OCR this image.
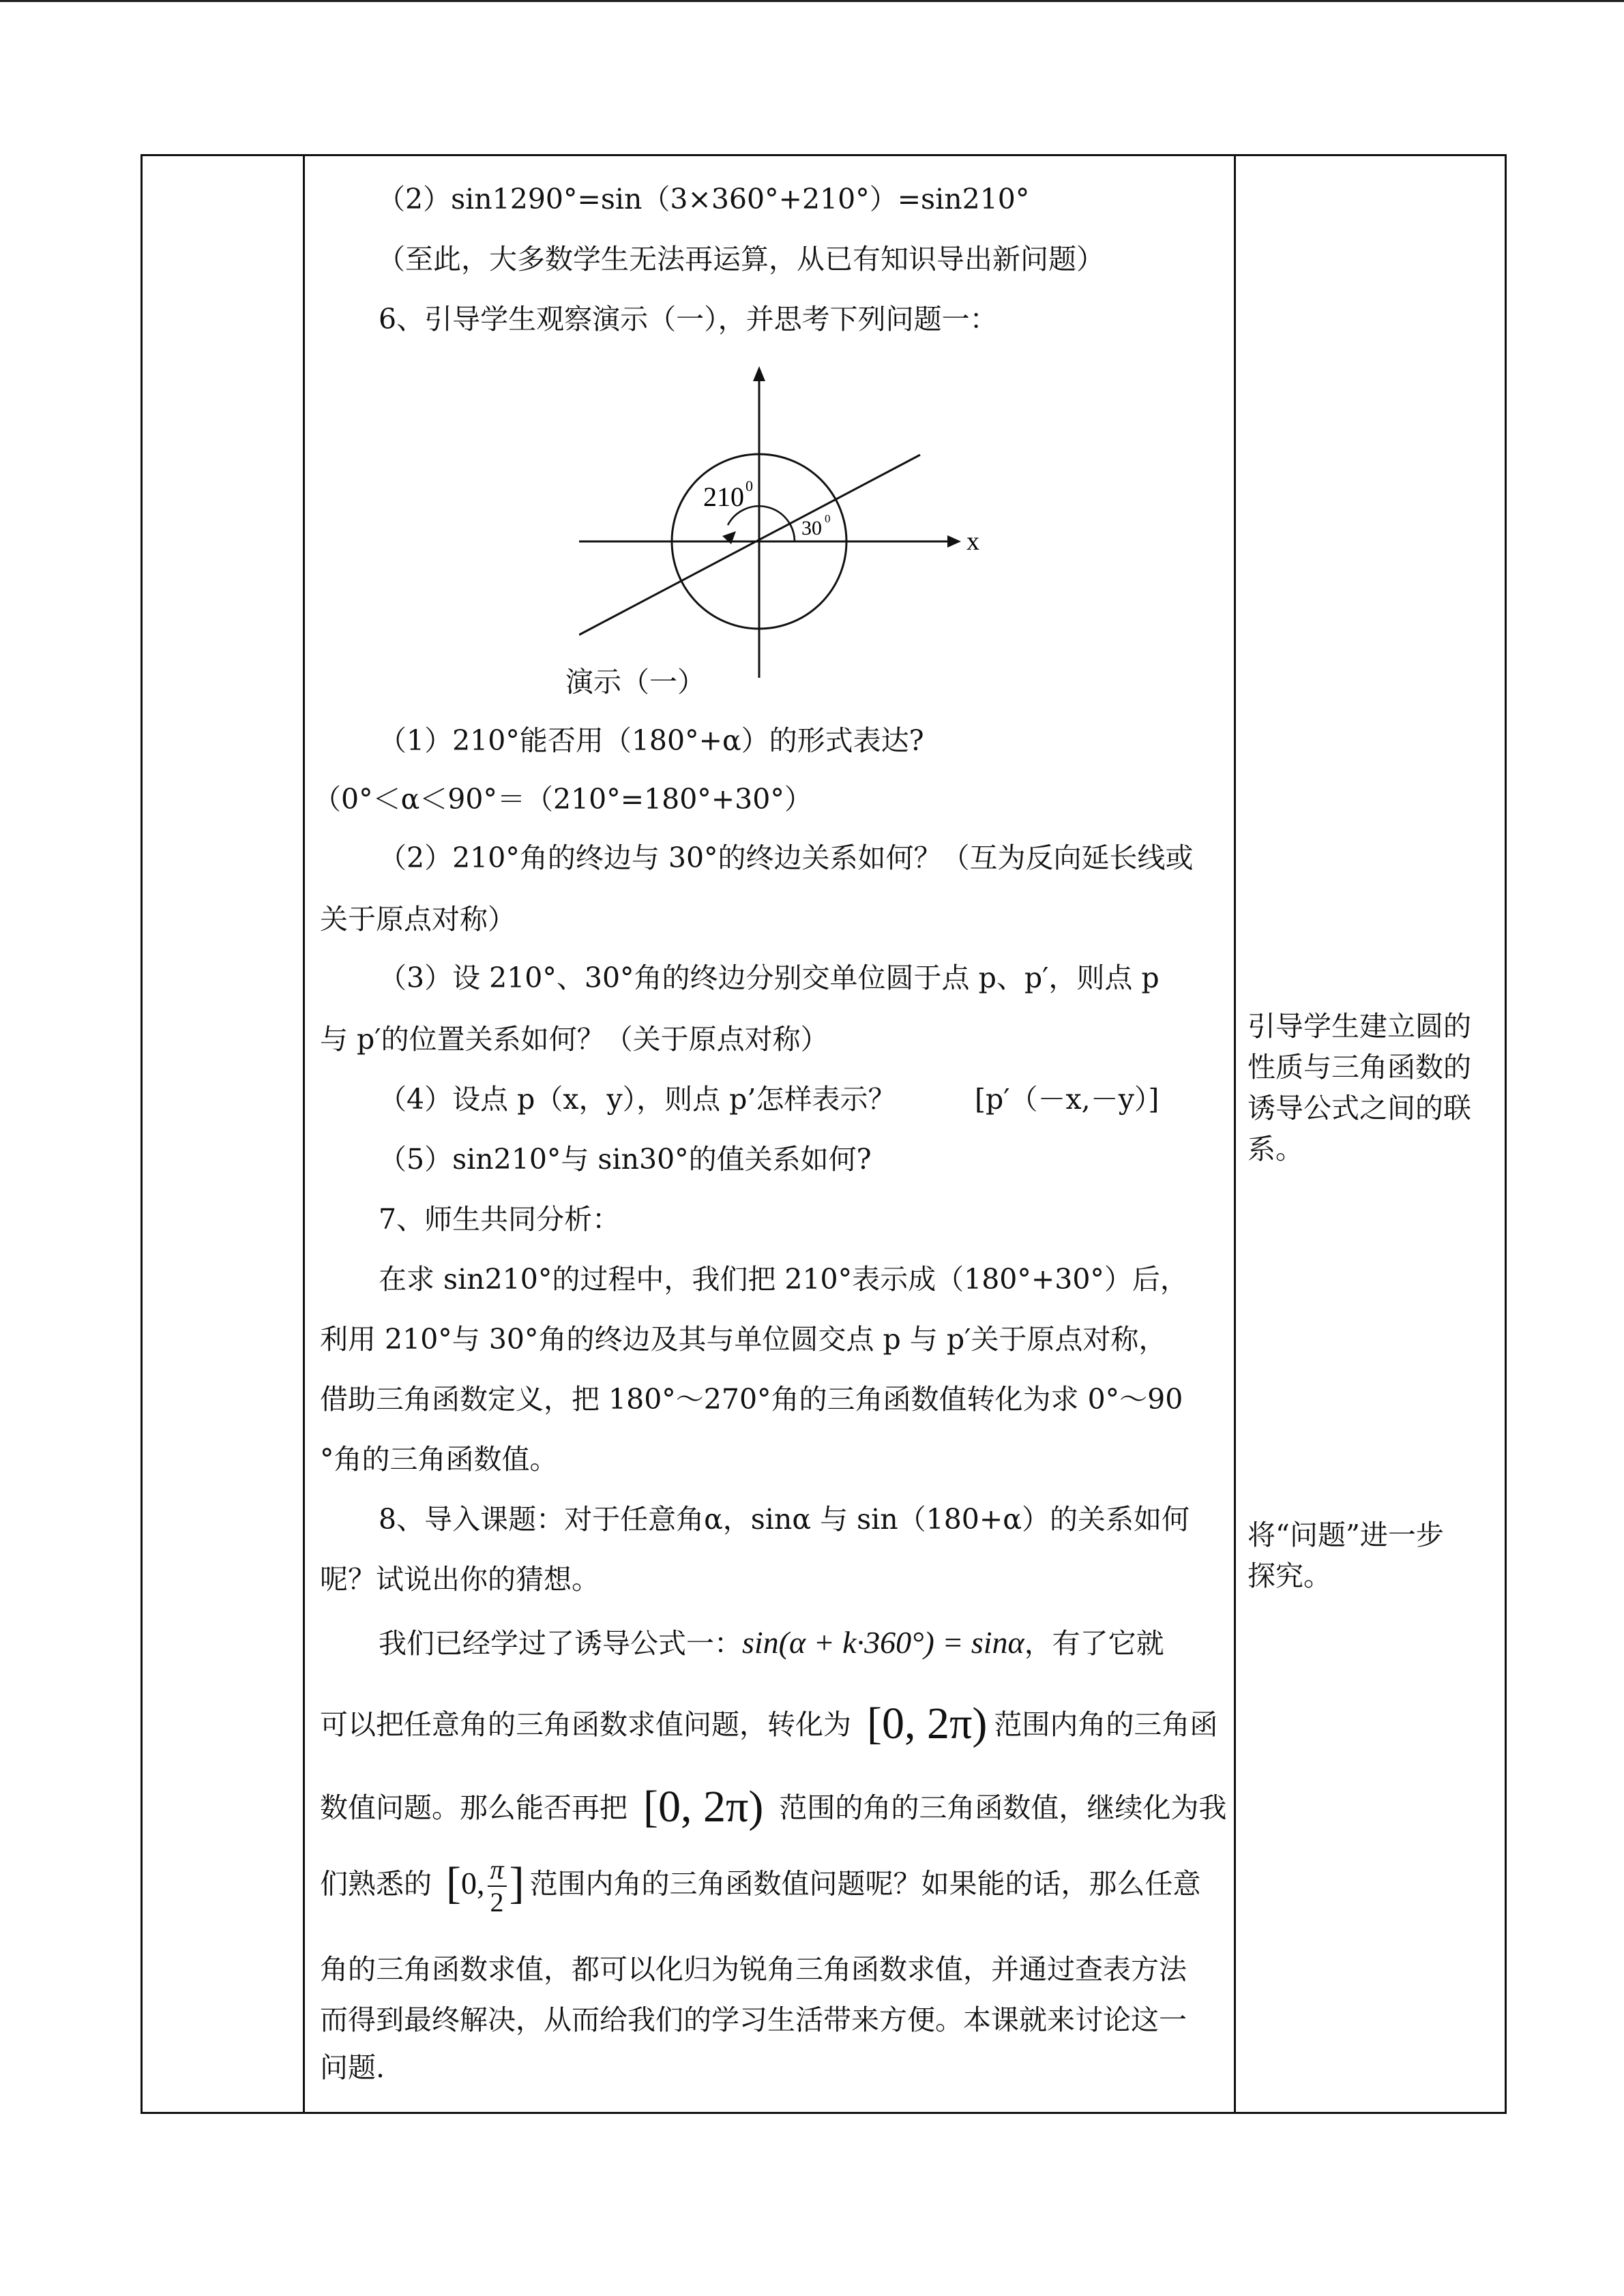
（2）sin1290°=sin（3×360°+210°）=sin210°
（至此，大多数学生无法再运算，从已有知识导出新问题）
6、引导学生观察演示（一），并思考下列问题一：
演示（一）
（1）210°能否用（180°+α）的形式表达?
（0°＜α＜90°＝（210°=180°+30°）
（2）210°角的终边与 30°的终边关系如何？（互为反向延长线或
关于原点对称）
（3）设 210°、30°角的终边分别交单位圆于点 p、p′，则点 p
与 p′的位置关系如何？（关于原点对称）
（4）设点 p（x，y），则点 p’怎样表示？	[p′（－x,－y）]
（5）sin210°与 sin30°的值关系如何?
7、师生共同分析：
在求 sin210°的过程中，我们把 210°表示成（180°+30°）后，
利用 210°与 30°角的终边及其与单位圆交点 p 与 p′关于原点对称，
借助三角函数定义，把 180°～270°角的三角函数值转化为求 0°～90
°角的三角函数值。
8、导入课题：对于任意角α，sinα 与 sin（180+α）的关系如何
呢？试说出你的猜想。
我们已经学过了诱导公式一：sin(α + k·360°) = sinα，有了它就
可以把任意角的三角函数求值问题，转化为 [0, 2π) 范围内角的三角函
数值问题。那么能否再把 [0, 2π) 范围的角的三角函数值，继续化为我
们熟悉的 [0, $\frac{\pi}{2}$ ] 范围内角的三角函数值问题呢？如果能的话，那么任意
角的三角函数求值，都可以化归为锐角三角函数求值，并通过查表方法
而得到最终解决，从而给我们的学习生活带来方便。本课就来讨论这一
问题.
210 0
30 0
x
引导学生建立圆的
性质与三角函数的
诱导公式之间的联
系。
将“问题”进一步
探究。
